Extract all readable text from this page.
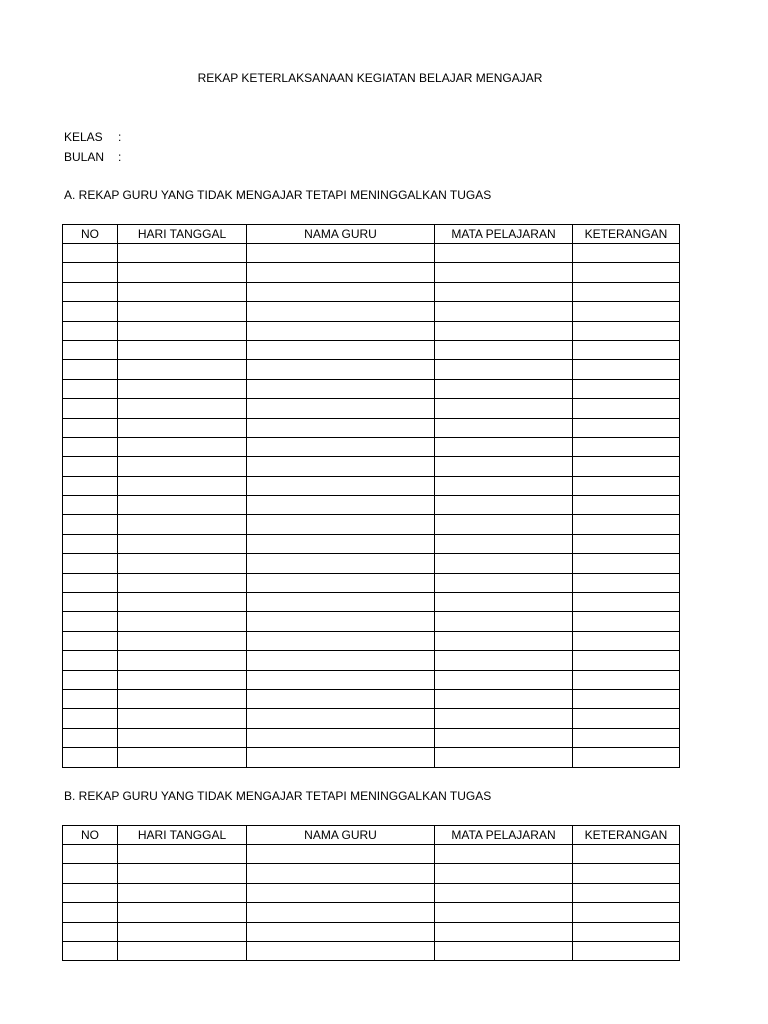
REKAP KETERLAKSANAAN KEGIATAN BELAJAR MENGAJAR
KELAS :
BULAN :
A. REKAP GURU YANG TIDAK MENGAJAR TETAPI MENINGGALKAN TUGAS
NO	HARI TANGGAL	NAMA GURU	MATA PELAJARAN	KETERANGAN

B. REKAP GURU YANG TIDAK MENGAJAR TETAPI MENINGGALKAN TUGAS
NO	HARI TANGGAL	NAMA GURU	MATA PELAJARAN	KETERANGAN
